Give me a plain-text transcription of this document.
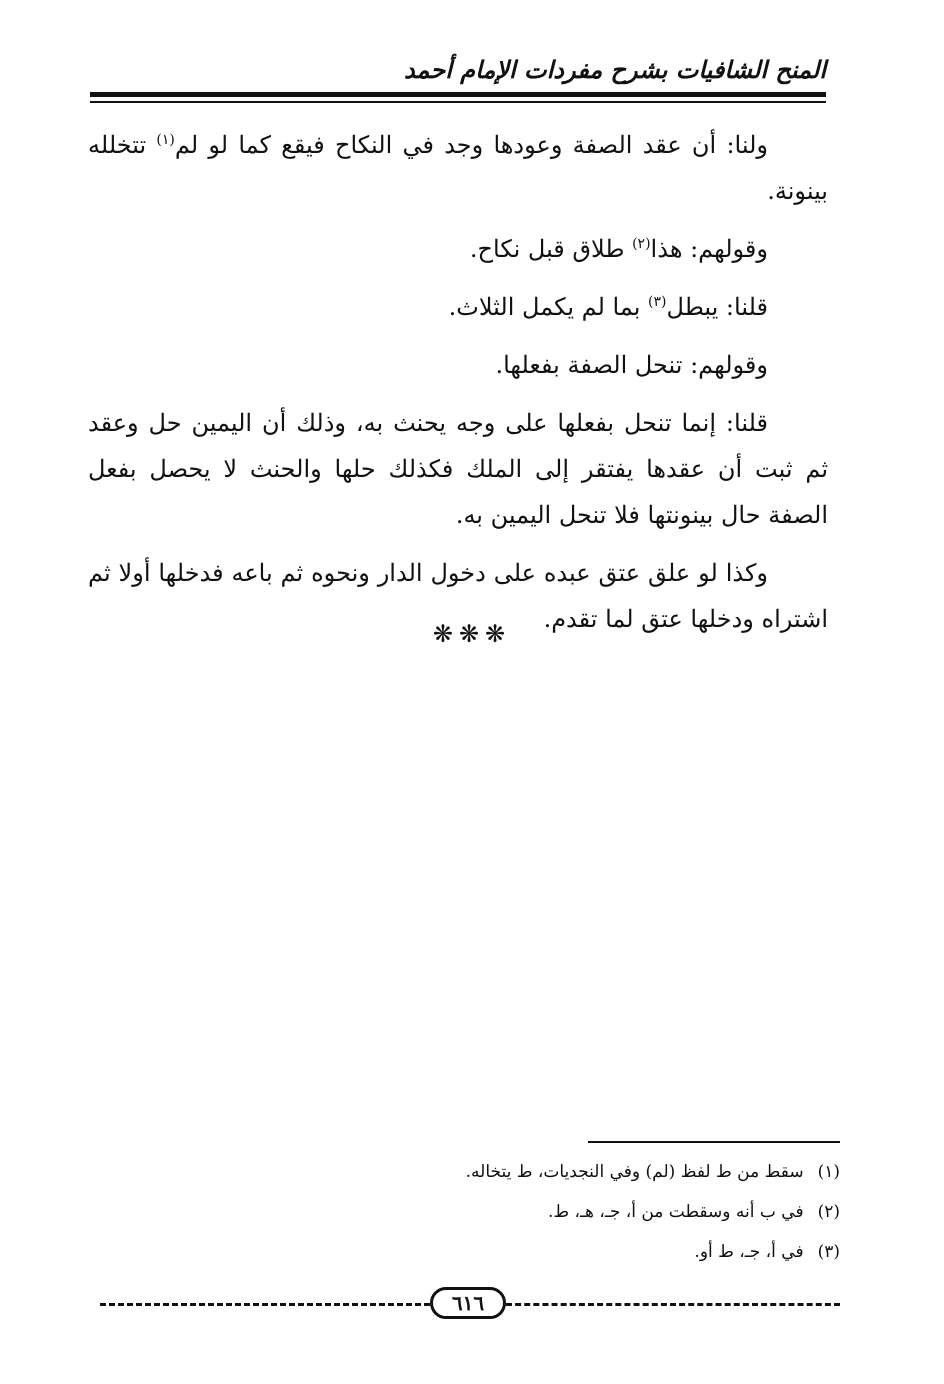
المنح الشافيات بشرح مفردات الإمام أحمد

ولنا: أن عقد الصفة وعودها وجد في النكاح فيقع كما لو لم$^{(١)}$ تتخلله بينونة.

وقولهم: هذا$^{(٢)}$ طلاق قبل نكاح.

قلنا: يبطل$^{(٣)}$ بما لم يكمل الثلاث.

وقولهم: تنحل الصفة بفعلها.

قلنا: إنما تنحل بفعلها على وجه يحنث به، وذلك أن اليمين حل وعقد ثم ثبت أن عقدها يفتقر إلى الملك فكذلك حلها والحنث لا يحصل بفعل الصفة حال بينونتها فلا تنحل اليمين به.

وكذا لو علق عتق عبده على دخول الدار ونحوه ثم باعه فدخلها أولا ثم اشتراه ودخلها عتق لما تقدم.

❋❋❋
(١)سقط من ط لفظ (لم) وفي النجديات، ط يتخاله.
(٢)في ب أنه وسقطت من أ، جـ، هـ، ط.
(٣)في أ، جـ، ط أو.
٦١٦
